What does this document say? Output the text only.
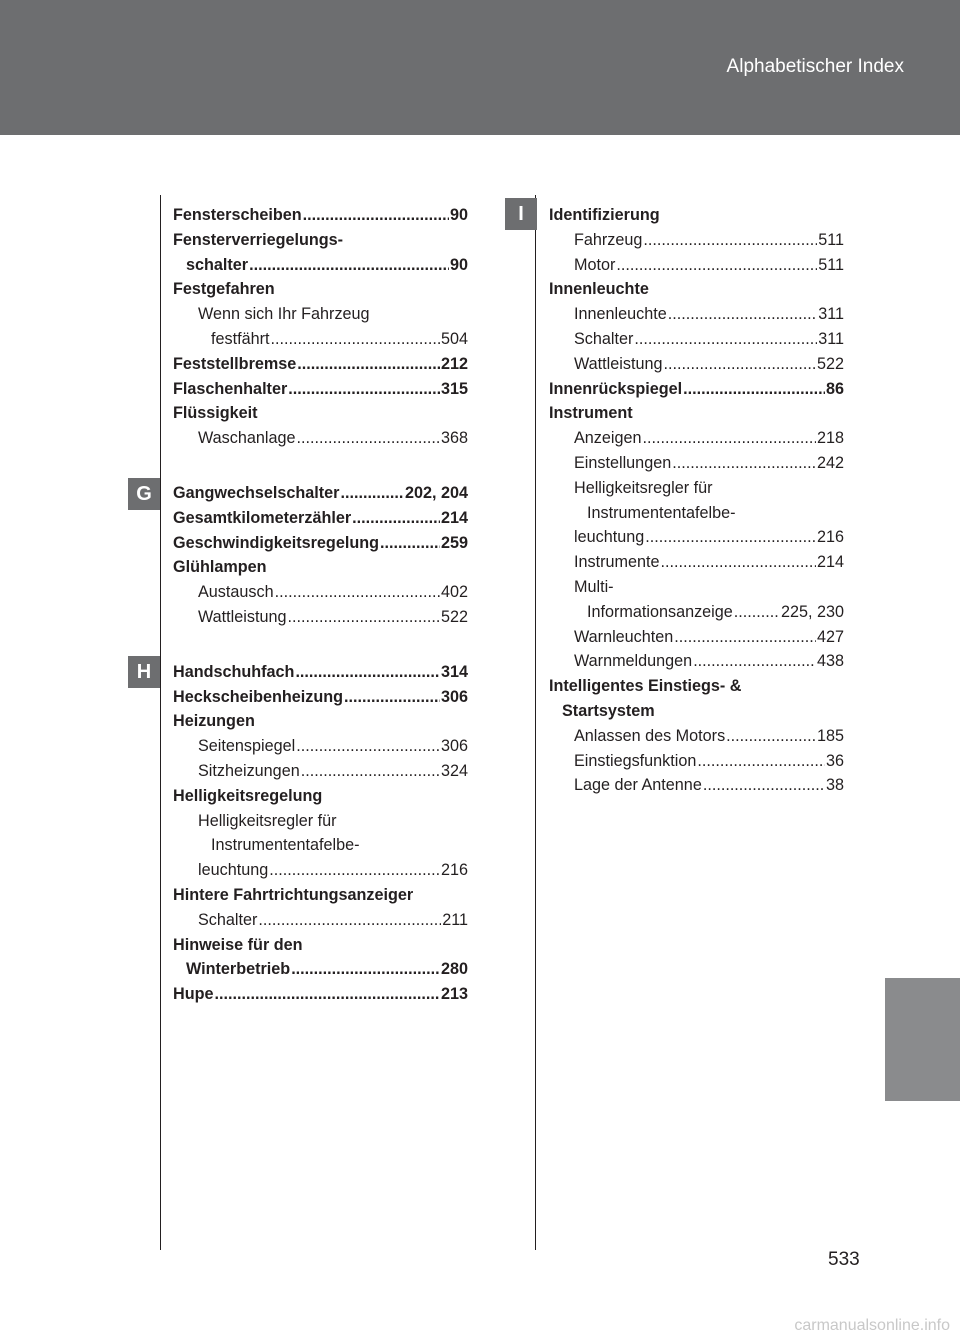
Alphabetischer Index
G
H
I
Fensterscheiben .....	90
Fensterverriegelungs-
schalter .....	90
Festgefahren
Wenn sich Ihr Fahrzeug
festfährt .....	504
Feststellbremse .....	212
Flaschenhalter .....	315
Flüssigkeit
Waschanlage .....	368
Gangwechselschalter .....	202, 204
Gesamtkilometerzähler .....	214
Geschwindigkeitsregelung .....	259
Glühlampen
Austausch .....	402
Wattleistung .....	522
Handschuhfach .....	314
Heckscheibenheizung .....	306
Heizungen
Seitenspiegel .....	306
Sitzheizungen .....	324
Helligkeitsregelung
Helligkeitsregler für
Instrumententafelbe-
leuchtung .....	216
Hintere Fahrtrichtungsanzeiger
Schalter .....	211
Hinweise für den
Winterbetrieb .....	280
Hupe .....	213
Identifizierung
Fahrzeug .....	511
Motor .....	511
Innenleuchte
Innenleuchte .....	311
Schalter .....	311
Wattleistung .....	522
Innenrückspiegel .....	86
Instrument
Anzeigen .....	218
Einstellungen .....	242
Helligkeitsregler für
Instrumententafelbe-
leuchtung .....	216
Instrumente .....	214
Multi-
Informationsanzeige .....	225, 230
Warnleuchten .....	427
Warnmeldungen .....	438
Intelligentes Einstiegs- &
Startsystem
Anlassen des Motors .....	185
Einstiegsfunktion .....	36
Lage der Antenne .....	38
533
carmanualsonline.info
